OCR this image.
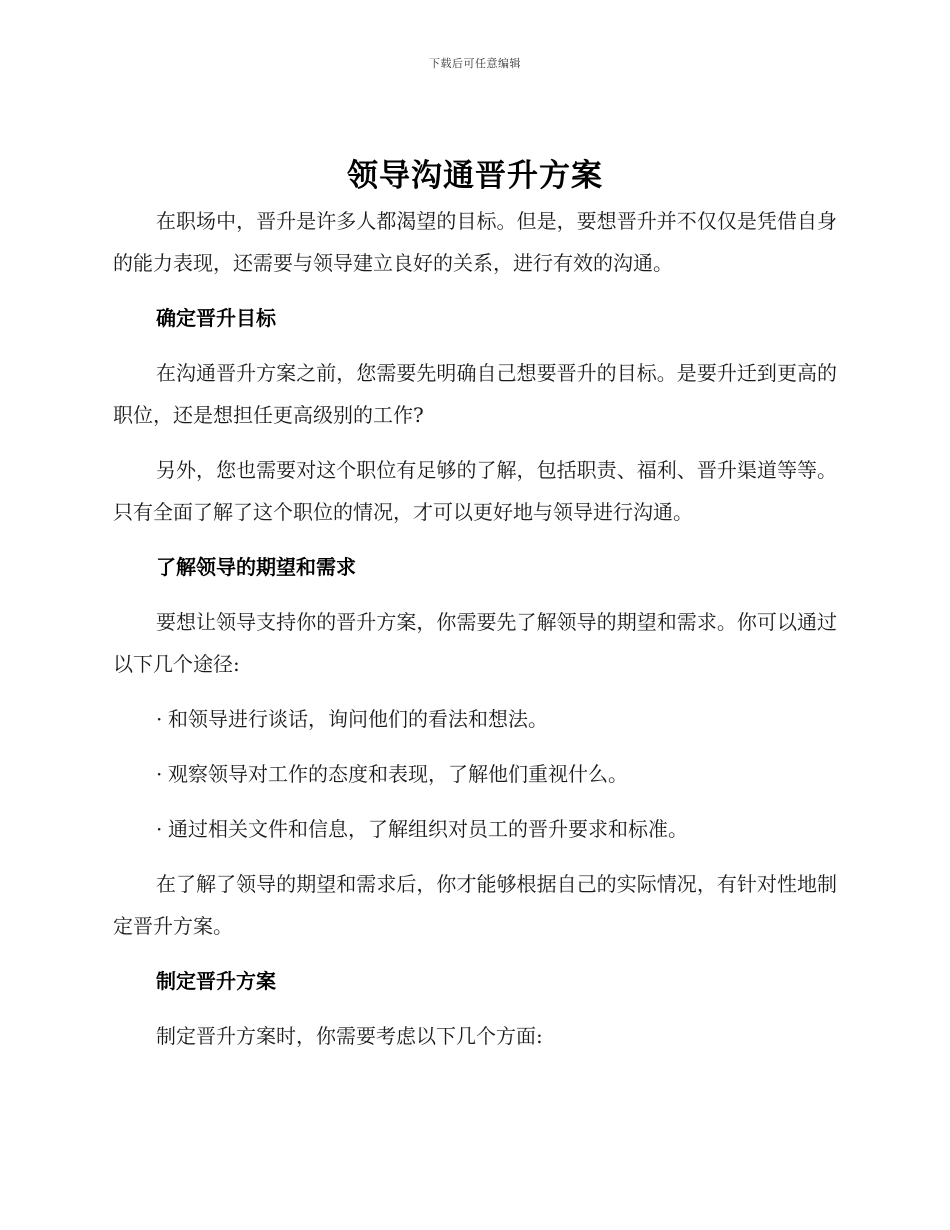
下载后可任意编辑
领导沟通晋升方案

在职场中，晋升是许多人都渴望的目标。但是，要想晋升并不仅仅是凭借自身的能力表现，还需要与领导建立良好的关系，进行有效的沟通。

确定晋升目标

在沟通晋升方案之前，您需要先明确自己想要晋升的目标。是要升迁到更高的职位，还是想担任更高级别的工作?

另外，您也需要对这个职位有足够的了解，包括职责、福利、晋升渠道等等。只有全面了解了这个职位的情况，才可以更好地与领导进行沟通。

了解领导的期望和需求

要想让领导支持你的晋升方案，你需要先了解领导的期望和需求。你可以通过以下几个途径:

· 和领导进行谈话，询问他们的看法和想法。
· 观察领导对工作的态度和表现，了解他们重视什么。
· 通过相关文件和信息，了解组织对员工的晋升要求和标准。

在了解了领导的期望和需求后，你才能够根据自己的实际情况，有针对性地制定晋升方案。

制定晋升方案

制定晋升方案时，你需要考虑以下几个方面:
